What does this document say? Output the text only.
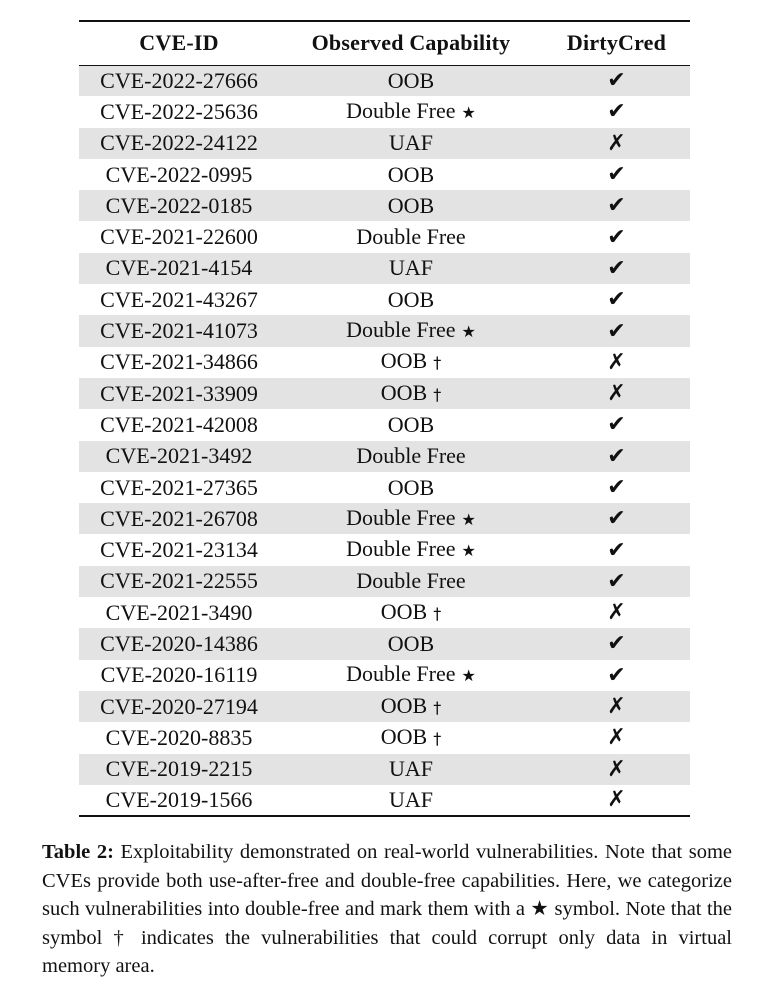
CVE-ID	Observed Capability	DirtyCred
CVE-2022-27666	OOB	✔
CVE-2022-25636	Double Free ★	✔
CVE-2022-24122	UAF	✗
CVE-2022-0995	OOB	✔
CVE-2022-0185	OOB	✔
CVE-2021-22600	Double Free	✔
CVE-2021-4154	UAF	✔
CVE-2021-43267	OOB	✔
CVE-2021-41073	Double Free ★	✔
CVE-2021-34866	OOB †	✗
CVE-2021-33909	OOB †	✗
CVE-2021-42008	OOB	✔
CVE-2021-3492	Double Free	✔
CVE-2021-27365	OOB	✔
CVE-2021-26708	Double Free ★	✔
CVE-2021-23134	Double Free ★	✔
CVE-2021-22555	Double Free	✔
CVE-2021-3490	OOB †	✗
CVE-2020-14386	OOB	✔
CVE-2020-16119	Double Free ★	✔
CVE-2020-27194	OOB †	✗
CVE-2020-8835	OOB †	✗
CVE-2019-2215	UAF	✗
CVE-2019-1566	UAF	✗
Table 2: Exploitability demonstrated on real-world vulnerabilities. Note that some CVEs provide both use-after-free and double-free capabilities. Here, we categorize such vulnerabilities into double-free and mark them with a ★ symbol. Note that the symbol † indicates the vulnerabilities that could corrupt only data in virtual memory area.
